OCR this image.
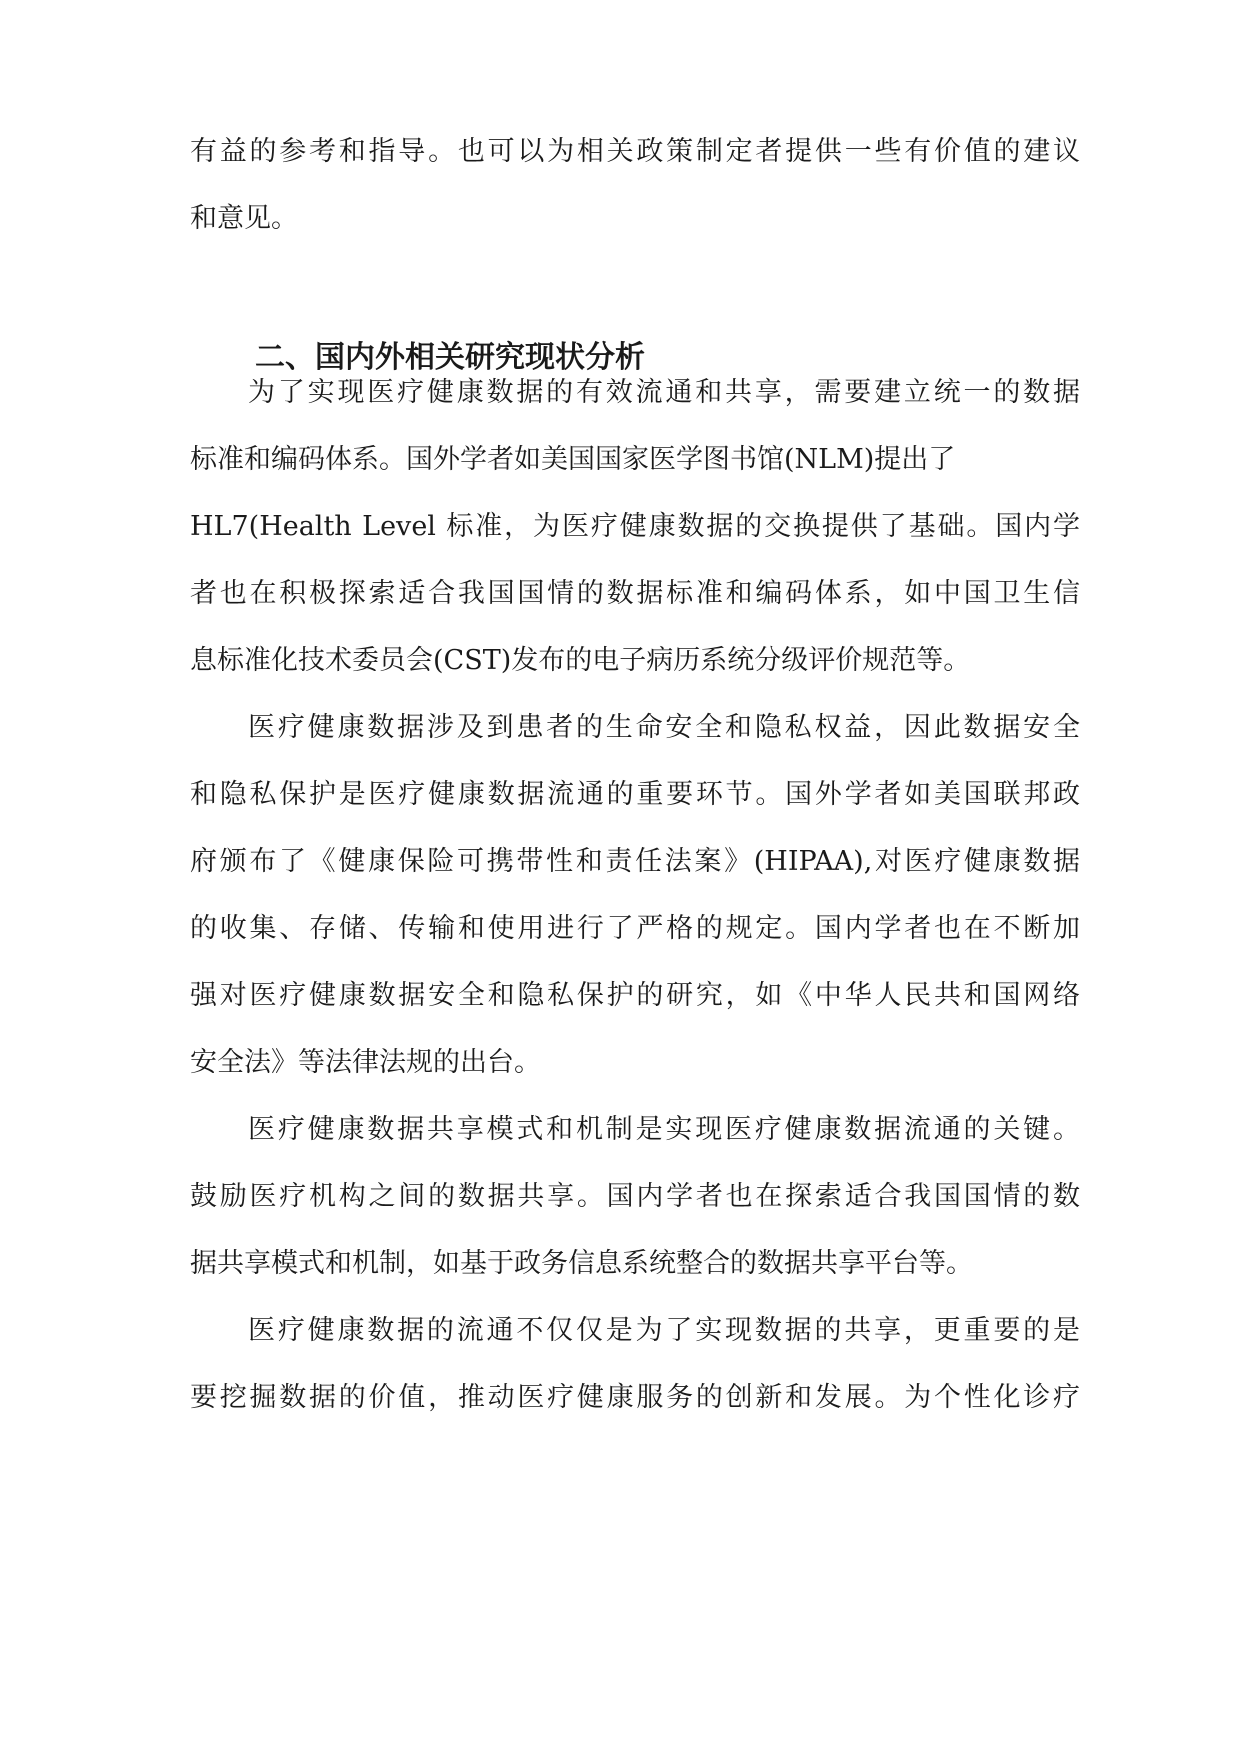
有益的参考和指导。也可以为相关政策制定者提供一些有价值的建议
和意见。
二、国内外相关研究现状分析
为了实现医疗健康数据的有效流通和共享，需要建立统一的数据
标准和编码体系。国外学者如美国国家医学图书馆(NLM)提出了
HL7(Health Level 标准，为医疗健康数据的交换提供了基础。国内学
者也在积极探索适合我国国情的数据标准和编码体系，如中国卫生信
息标准化技术委员会(CST)发布的电子病历系统分级评价规范等。
医疗健康数据涉及到患者的生命安全和隐私权益，因此数据安全
和隐私保护是医疗健康数据流通的重要环节。国外学者如美国联邦政
府颁布了《健康保险可携带性和责任法案》(HIPAA),对医疗健康数据
的收集、存储、传输和使用进行了严格的规定。国内学者也在不断加
强对医疗健康数据安全和隐私保护的研究，如《中华人民共和国网络
安全法》等法律法规的出台。
医疗健康数据共享模式和机制是实现医疗健康数据流通的关键。
鼓励医疗机构之间的数据共享。国内学者也在探索适合我国国情的数
据共享模式和机制，如基于政务信息系统整合的数据共享平台等。
医疗健康数据的流通不仅仅是为了实现数据的共享，更重要的是
要挖掘数据的价值，推动医疗健康服务的创新和发展。为个性化诊疗
